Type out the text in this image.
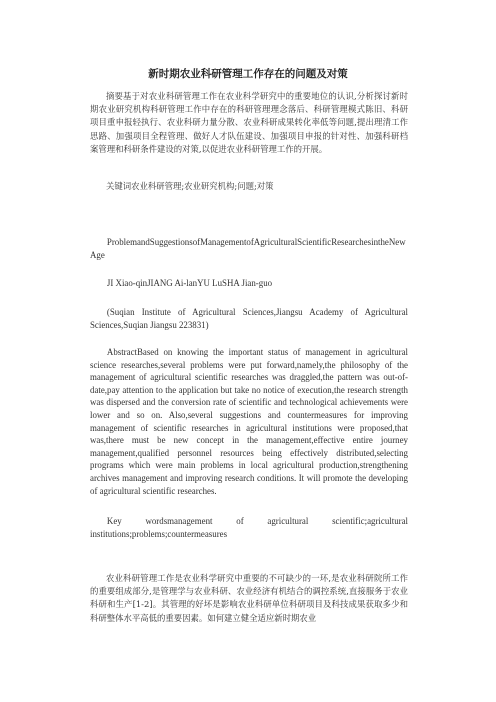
新时期农业科研管理工作存在的问题及对策

摘要基于对农业科研管理工作在农业科学研究中的重要地位的认识,分析探讨新时期农业研究机构科研管理工作中存在的科研管理理念落后、科研管理模式陈旧、科研项目重申报轻执行、农业科研力量分散、农业科研成果转化率低等问题,提出理清工作思路、加强项目全程管理、做好人才队伍建设、加强项目申报的针对性、加强科研档案管理和科研条件建设的对策,以促进农业科研管理工作的开展。

关键词农业科研管理;农业研究机构;问题;对策

ProblemandSuggestionsofManagementofAgriculturalScientificResearchesintheNewAge

JI Xiao-qinJIANG Ai-lanYU LuSHA Jian-guo

(Suqian Institute of Agricultural Sciences,Jiangsu Academy of Agricultural Sciences,Suqian Jiangsu 223831)

AbstractBased on knowing the important status of management in agricultural science researches,several problems were put forward,namely,the philosophy of the management of agricultural scientific researches was draggled,the pattern was out-of-date,pay attention to the application but take no notice of execution,the research strength was dispersed and the conversion rate of scientific and technological achievements were lower and so on. Also,several suggestions and countermeasures for improving management of scientific researches in agricultural institutions were proposed,that was,there must be new concept in the management,effective entire journey management,qualified personnel resources being effectively distributed,selecting programs which were main problems in local agricultural production,strengthening archives management and improving research conditions. It will promote the developing of agricultural scientific researches.

Key wordsmanagement of agricultural scientific;agricultural institutions;problems;countermeasures

农业科研管理工作是农业科学研究中重要的不可缺少的一环,是农业科研院所工作的重要组成部分,是管理学与农业科研、农业经济有机结合的调控系统,直接服务于农业科研和生产[1-2]。其管理的好坏是影响农业科研单位科研项目及科技成果获取多少和科研整体水平高低的重要因素。如何建立健全适应新时期农业
